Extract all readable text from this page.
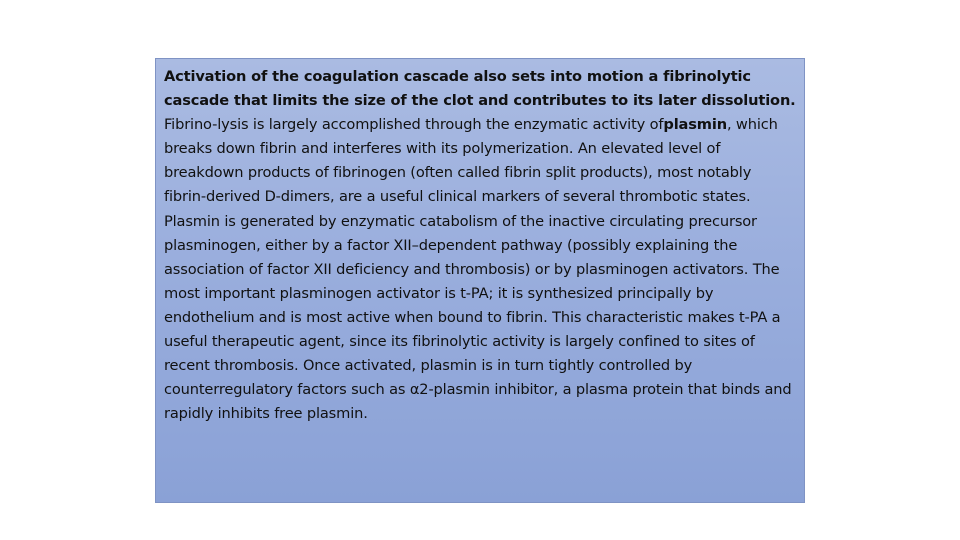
Activation of the coagulation cascade also sets into motion a fibrinolytic cascade that limits the size of the clot and contributes to its later dissolution.
Fibrino-lysis is largely accomplished through the enzymatic activity ofplasmin, which breaks down fibrin and interferes with its polymerization. An elevated level of breakdown products of fibrinogen (often called fibrin split products), most notably fibrin-derived D-dimers, are a useful clinical markers of several thrombotic states.

Plasmin is generated by enzymatic catabolism of the inactive circulating precursor plasminogen, either by a factor XII–dependent pathway (possibly explaining the association of factor XII deficiency and thrombosis) or by plasminogen activators. The most important plasminogen activator is t-PA; it is synthesized principally by endothelium and is most active when bound to fibrin. This characteristic makes t-PA a useful therapeutic agent, since its fibrinolytic activity is largely confined to sites of recent thrombosis. Once activated, plasmin is in turn tightly controlled by counterregulatory factors such as α2-plasmin inhibitor, a plasma protein that binds and rapidly inhibits free plasmin.
